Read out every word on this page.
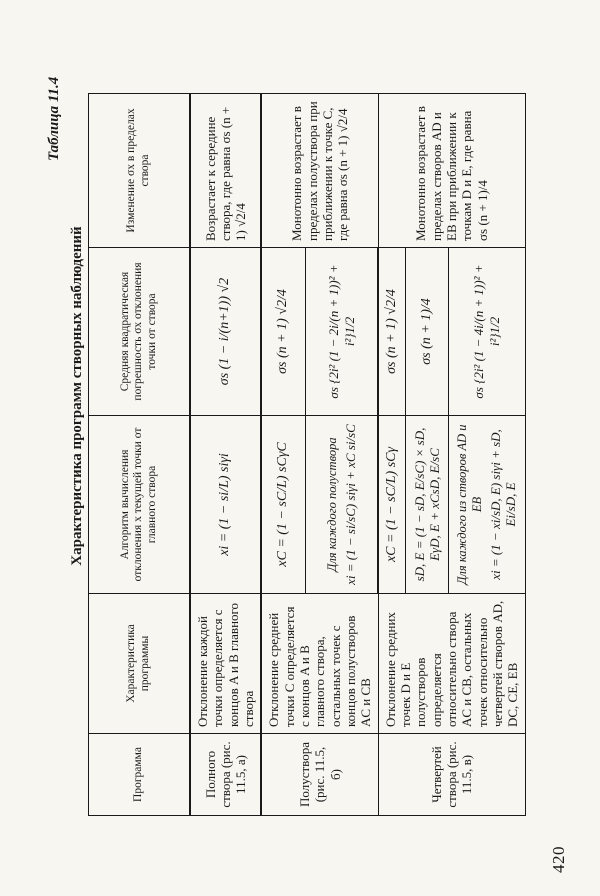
420
Таблица 11.4
Характеристика программ створных наблюдений
Программа	Характеристика программы	Алгоритм вычисления отклонения x текущей точки от главного створа	Средняя квадратическая погрешность σx отклонения точки от створа	Изменение σx в пределах створа
Полного створа (рис. 11.5, а)	Отклонение каждой точки определяется с концов A и B главного створа	xi = (1 − si/L) siγi	σs (1 − i/(n+1)) √2	Возрастает к середине створа, где равна σs (n + 1) √2/4
Полустворa (рис. 11.5, б)	Отклонение средней точки C определяется с концов A и B главного створа, остальных точек с концов полустворов AC и CB	xC = (1 − sC/L) sCγC	σs (n + 1) √2/4	Монотонно возрастает в пределах полуствора при приближении к точке C, где равна σs (n + 1) √2/4

		Для каждого полуствора xi = (1 − si/sC) siγi + xC si/sC	σs {2i² (1 − 2i/(n + 1))² + i²}1/2	

Четвертей створа (рис. 11.5, в)	Отклонение средних точек D и E полустворов определяется относительно створа AC и CB, остальных точек относительно четвертей створов AD, DC, CE, EB	xC = (1 − sC/L) sCγ	σs (n + 1) √2/4	Монотонно возрастает в пределах створов AD и EB при приближении к точкам D и E, где равна σs (n + 1)/4

		sD, E = (1 − sD, E/sC) × sD, EγD, E + xCsD, E/sC	σs (n + 1)/4	

		Для каждого из створов AD и EB xi = (1 − xi/sD, E) siγi + sD, Ei/sD, E	σs {2i² (1 − 4i/(n + 1))² + i²}1/2	
